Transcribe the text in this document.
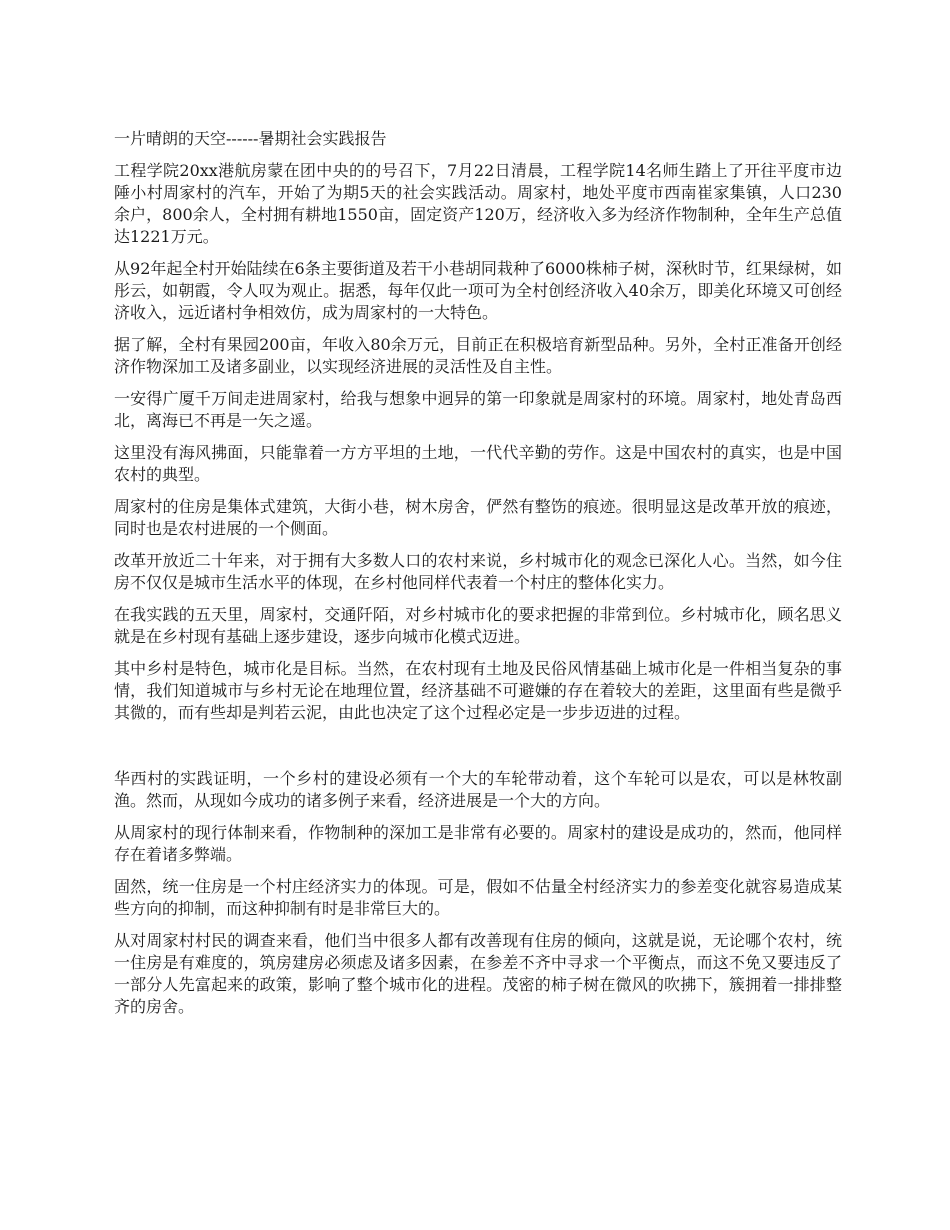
一片晴朗的天空------暑期社会实践报告

工程学院20xx港航房蒙在团中央的的号召下，7月22日清晨，工程学院14名师生踏上了开往平度市边陲小村周家村的汽车，开始了为期5天的社会实践活动。周家村，地处平度市西南崔家集镇，人口230余户，800余人，全村拥有耕地1550亩，固定资产120万，经济收入多为经济作物制种，全年生产总值达1221万元。

从92年起全村开始陆续在6条主要街道及若干小巷胡同栽种了6000株柿子树，深秋时节，红果绿树，如彤云，如朝霞，令人叹为观止。据悉，每年仅此一项可为全村创经济收入40余万，即美化环境又可创经济收入，远近诸村争相效仿，成为周家村的一大特色。

据了解，全村有果园200亩，年收入80余万元，目前正在积极培育新型品种。另外，全村正准备开创经济作物深加工及诸多副业，以实现经济进展的灵活性及自主性。

一安得广厦千万间走进周家村，给我与想象中迥异的第一印象就是周家村的环境。周家村，地处青岛西北，离海已不再是一矢之遥。

这里没有海风拂面，只能靠着一方方平坦的土地，一代代辛勤的劳作。这是中国农村的真实，也是中国农村的典型。

周家村的住房是集体式建筑，大街小巷，树木房舍，俨然有整饬的痕迹。很明显这是改革开放的痕迹，同时也是农村进展的一个侧面。

改革开放近二十年来，对于拥有大多数人口的农村来说，乡村城市化的观念已深化人心。当然，如今住房不仅仅是城市生活水平的体现，在乡村他同样代表着一个村庄的整体化实力。

在我实践的五天里，周家村，交通阡陌，对乡村城市化的要求把握的非常到位。乡村城市化，顾名思义就是在乡村现有基础上逐步建设，逐步向城市化模式迈进。

其中乡村是特色，城市化是目标。当然，在农村现有土地及民俗风情基础上城市化是一件相当复杂的事情，我们知道城市与乡村无论在地理位置，经济基础不可避嫌的存在着较大的差距，这里面有些是微乎其微的，而有些却是判若云泥，由此也决定了这个过程必定是一步步迈进的过程。

华西村的实践证明，一个乡村的建设必须有一个大的车轮带动着，这个车轮可以是农，可以是林牧副渔。然而，从现如今成功的诸多例子来看，经济进展是一个大的方向。

从周家村的现行体制来看，作物制种的深加工是非常有必要的。周家村的建设是成功的，然而，他同样存在着诸多弊端。

固然，统一住房是一个村庄经济实力的体现。可是，假如不估量全村经济实力的参差变化就容易造成某些方向的抑制，而这种抑制有时是非常巨大的。

从对周家村村民的调查来看，他们当中很多人都有改善现有住房的倾向，这就是说，无论哪个农村，统一住房是有难度的，筑房建房必须虑及诸多因素，在参差不齐中寻求一个平衡点，而这不免又要违反了一部分人先富起来的政策，影响了整个城市化的进程。茂密的柿子树在微风的吹拂下，簇拥着一排排整齐的房舍。
